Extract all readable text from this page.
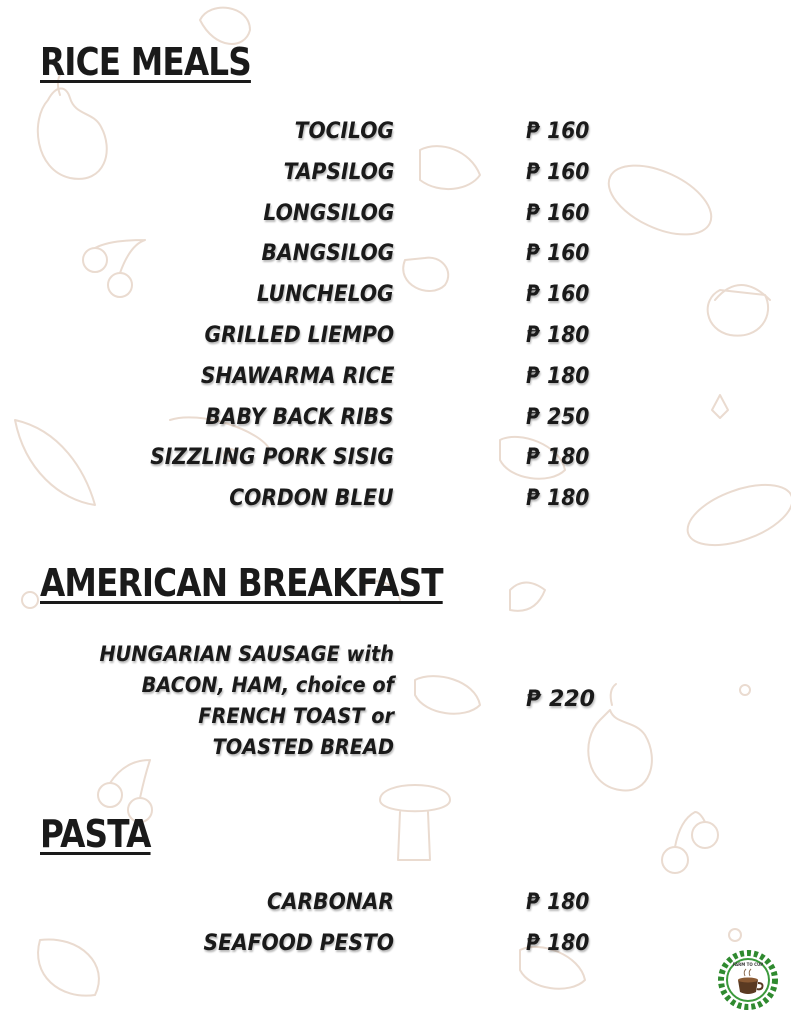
RICE MEALS
TOCILOG	₱ 160
TAPSILOG	₱ 160
LONGSILOG	₱ 160
BANGSILOG	₱ 160
LUNCHELOG	₱ 160
GRILLED LIEMPO	₱ 180
SHAWARMA RICE	₱ 180
BABY BACK RIBS	₱ 250
SIZZLING PORK SISIG	₱ 180
CORDON BLEU	₱ 180
AMERICAN BREAKFAST
HUNGARIAN SAUSAGE with
BACON, HAM, choice of
FRENCH TOAST or
TOASTED BREAD
₱ 220
PASTA
CARBONAR	₱ 180
SEAFOOD PESTO	₱ 180
FARM TO CUP
